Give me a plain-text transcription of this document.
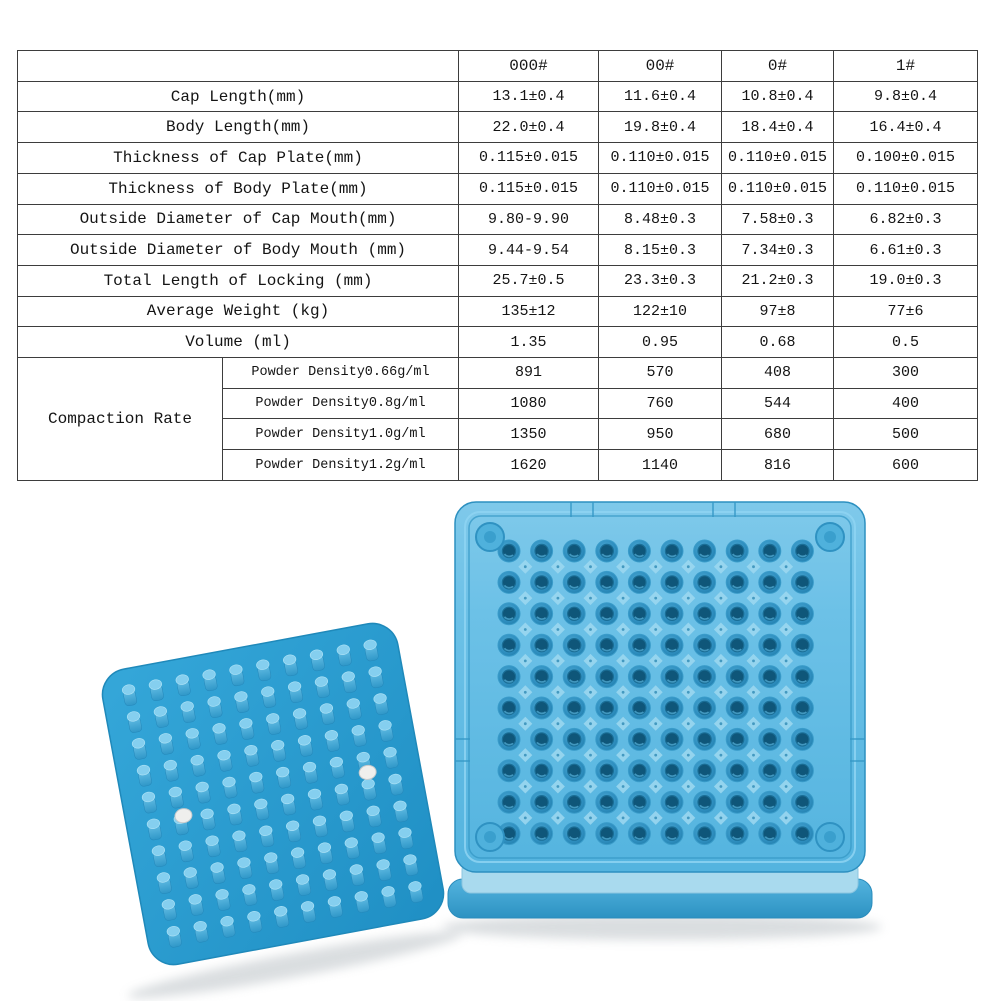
		000#	00#	0#	1#
Cap Length(mm)		13.1±0.4	11.6±0.4	10.8±0.4	9.8±0.4
Body Length(mm)		22.0±0.4	19.8±0.4	18.4±0.4	16.4±0.4
Thickness of Cap Plate(mm)		0.115±0.015	0.110±0.015	0.110±0.015	0.100±0.015
Thickness of Body Plate(mm)		0.115±0.015	0.110±0.015	0.110±0.015	0.110±0.015
Outside Diameter of Cap Mouth(mm)		9.80-9.90	8.48±0.3	7.58±0.3	6.82±0.3
Outside Diameter of Body Mouth (mm)		9.44-9.54	8.15±0.3	7.34±0.3	6.61±0.3
Total Length of Locking (mm)		25.7±0.5	23.3±0.3	21.2±0.3	19.0±0.3
Average Weight (kg)		135±12	122±10	97±8	77±6
Volume (ml)		1.35	0.95	0.68	0.5
Compaction Rate	Powder Density0.66g/ml	891	570	408	300
	Powder Density0.8g/ml	1080	760	544	400
	Powder Density1.0g/ml	1350	950	680	500
	Powder Density1.2g/ml	1620	1140	816	600
